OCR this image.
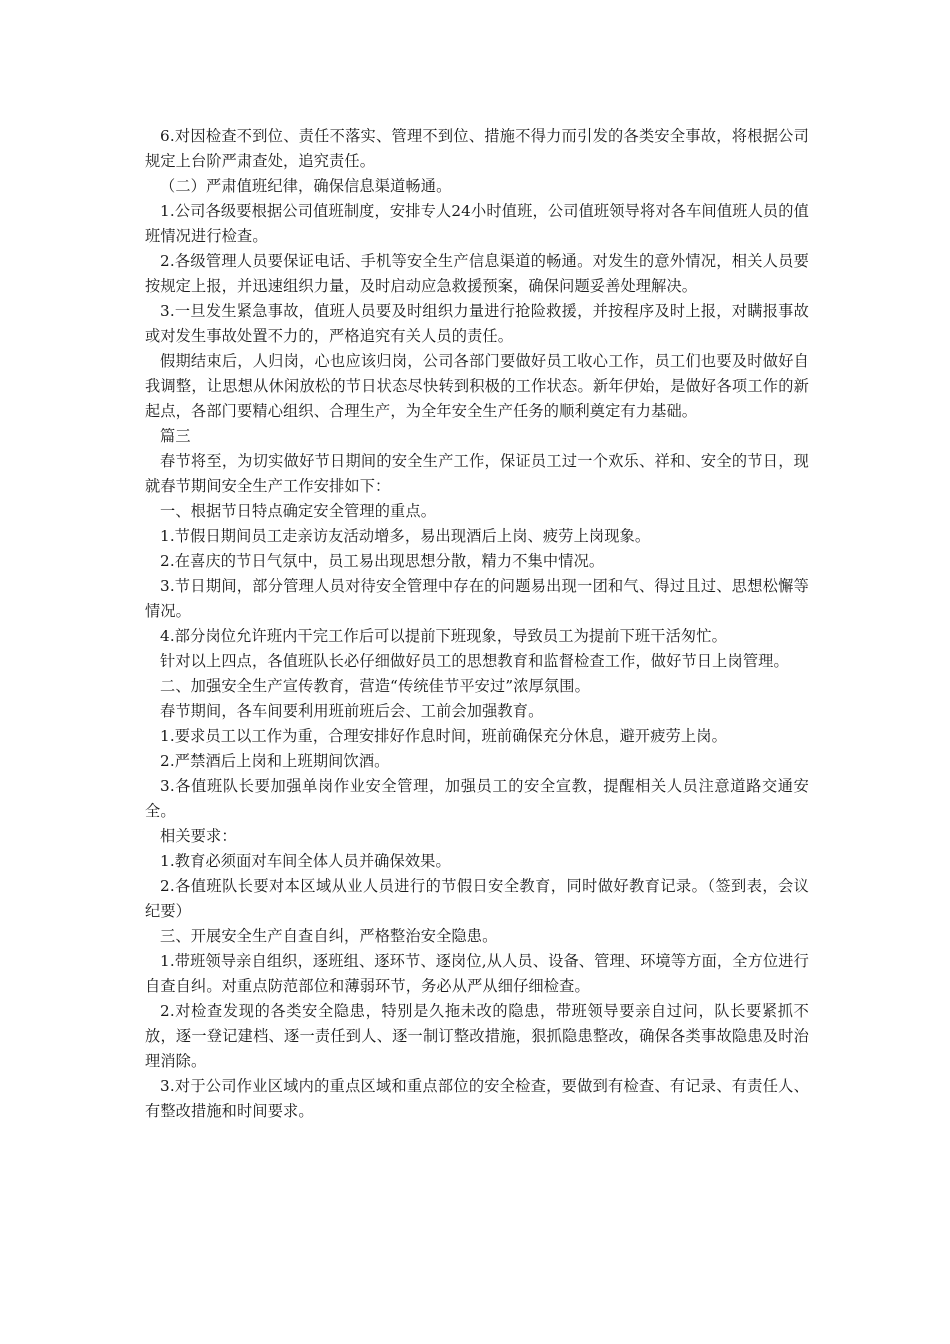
6.对因检查不到位、责任不落实、管理不到位、措施不得力而引发的各类安全事故，将根据公司规定上台阶严肃查处，追究责任。

（二）严肃值班纪律，确保信息渠道畅通。

1.公司各级要根据公司值班制度，安排专人24小时值班，公司值班领导将对各车间值班人员的值班情况进行检查。

2.各级管理人员要保证电话、手机等安全生产信息渠道的畅通。对发生的意外情况，相关人员要按规定上报，并迅速组织力量，及时启动应急救援预案，确保问题妥善处理解决。

3.一旦发生紧急事故，值班人员要及时组织力量进行抢险救援，并按程序及时上报，对瞒报事故或对发生事故处置不力的，严格追究有关人员的责任。

假期结束后，人归岗，心也应该归岗，公司各部门要做好员工收心工作，员工们也要及时做好自我调整，让思想从休闲放松的节日状态尽快转到积极的工作状态。新年伊始，是做好各项工作的新起点，各部门要精心组织、合理生产，为全年安全生产任务的顺利奠定有力基础。

篇三

春节将至，为切实做好节日期间的安全生产工作，保证员工过一个欢乐、祥和、安全的节日，现就春节期间安全生产工作安排如下：

一、根据节日特点确定安全管理的重点。

1.节假日期间员工走亲访友活动增多，易出现酒后上岗、疲劳上岗现象。

2.在喜庆的节日气氛中，员工易出现思想分散，精力不集中情况。

3.节日期间，部分管理人员对待安全管理中存在的问题易出现一团和气、得过且过、思想松懈等情况。

4.部分岗位允许班内干完工作后可以提前下班现象，导致员工为提前下班干活匆忙。

针对以上四点，各值班队长必仔细做好员工的思想教育和监督检查工作，做好节日上岗管理。

二、加强安全生产宣传教育，营造“传统佳节平安过”浓厚氛围。

春节期间，各车间要利用班前班后会、工前会加强教育。

1.要求员工以工作为重，合理安排好作息时间，班前确保充分休息，避开疲劳上岗。

2.严禁酒后上岗和上班期间饮酒。

3.各值班队长要加强单岗作业安全管理，加强员工的安全宣教，提醒相关人员注意道路交通安全。

相关要求：

1.教育必须面对车间全体人员并确保效果。

2.各值班队长要对本区域从业人员进行的节假日安全教育，同时做好教育记录。（签到表，会议纪要）

三、开展安全生产自查自纠，严格整治安全隐患。

1.带班领导亲自组织，逐班组、逐环节、逐岗位,从人员、设备、管理、环境等方面，全方位进行自查自纠。对重点防范部位和薄弱环节，务必从严从细仔细检查。

2.对检查发现的各类安全隐患，特别是久拖未改的隐患，带班领导要亲自过问，队长要紧抓不放，逐一登记建档、逐一责任到人、逐一制订整改措施，狠抓隐患整改，确保各类事故隐患及时治理消除。

3.对于公司作业区域内的重点区域和重点部位的安全检查，要做到有检查、有记录、有责任人、有整改措施和时间要求。
